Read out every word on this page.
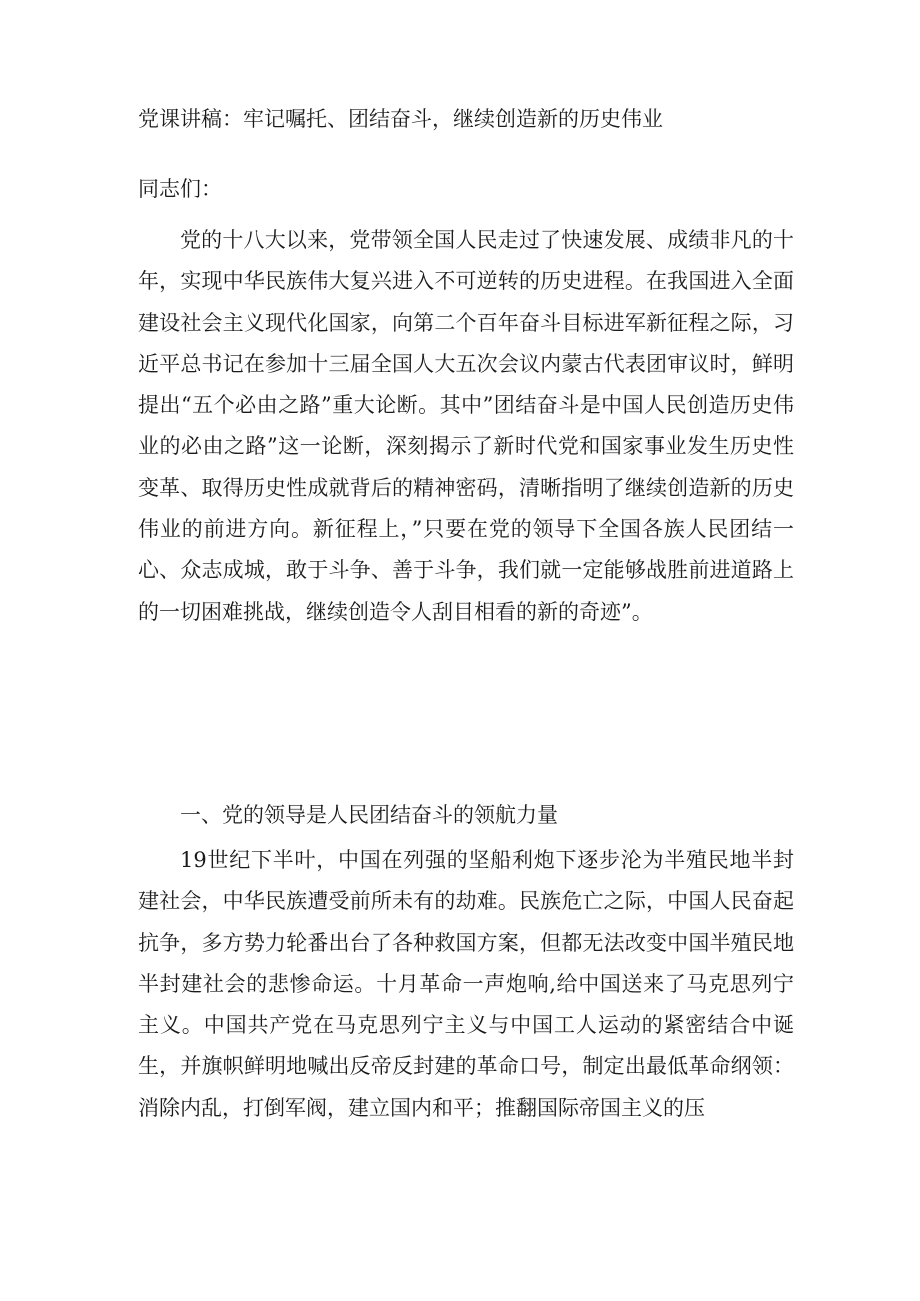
党课讲稿：牢记嘱托、团结奋斗，继续创造新的历史伟业
同志们：

党的十八大以来，党带领全国人民走过了快速发展、成绩非凡的十年，实现中华民族伟大复兴进入不可逆转的历史进程。在我国进入全面建设社会主义现代化国家，向第二个百年奋斗目标进军新征程之际，习近平总书记在参加十三届全国人大五次会议内蒙古代表团审议时，鲜明提出“五个必由之路”重大论断。其中”团结奋斗是中国人民创造历史伟业的必由之路”这一论断，深刻揭示了新时代党和国家事业发生历史性变革、取得历史性成就背后的精神密码，清晰指明了继续创造新的历史伟业的前进方向。新征程上，”只要在党的领导下全国各族人民团结一心、众志成城，敢于斗争、善于斗争，我们就一定能够战胜前进道路上的一切困难挑战，继续创造令人刮目相看的新的奇迹”。

一、党的领导是人民团结奋斗的领航力量

19世纪下半叶，中国在列强的坚船利炮下逐步沦为半殖民地半封建社会，中华民族遭受前所未有的劫难。民族危亡之际，中国人民奋起抗争，多方势力轮番出台了各种救国方案，但都无法改变中国半殖民地半封建社会的悲惨命运。十月革命一声炮响,给中国送来了马克思列宁主义。中国共产党在马克思列宁主义与中国工人运动的紧密结合中诞生，并旗帜鲜明地喊出反帝反封建的革命口号，制定出最低革命纲领：消除内乱，打倒军阀，建立国内和平；推翻国际帝国主义的压
